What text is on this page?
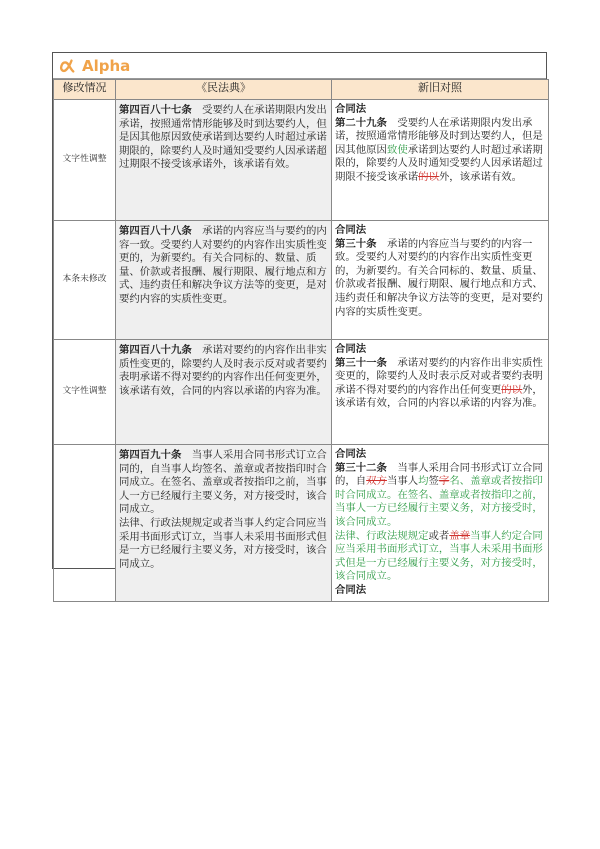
Alpha
修改情况	《民法典》	新旧对照
文字性调整	第四百八十七条　 受要约人在承诺期限内发出承诺，按照通常情形能够及时到达要约人，但是因其他原因致使承诺到达要约人时超过承诺期限的，除要约人及时通知受要约人因承诺超过期限不接受该承诺外，该承诺有效。	合同法
第二十九条　 受要约人在承诺期限内发出承诺，按照通常情形能够及时到达要约人，但是因其他原因致使承诺到达要约人时超过承诺期限的，除要约人及时通知受要约人因承诺超过期限不接受该承诺的以外，该承诺有效。
本条未修改	第四百八十八条　 承诺的内容应当与要约的内容一致。受要约人对要约的内容作出实质性变更的，为新要约。有关合同标的、数量、质量、价款或者报酬、履行期限、履行地点和方式、违约责任和解决争议方法等的变更，是对要约内容的实质性变更。	合同法
第三十条　 承诺的内容应当与要约的内容一致。受要约人对要约的内容作出实质性变更的，为新要约。有关合同标的、数量、质量、价款或者报酬、履行期限、履行地点和方式、违约责任和解决争议方法等的变更，是对要约内容的实质性变更。
文字性调整	第四百八十九条　 承诺对要约的内容作出非实质性变更的，除要约人及时表示反对或者要约表明承诺不得对要约的内容作出任何变更外，该承诺有效，合同的内容以承诺的内容为准。	合同法
第三十一条　 承诺对要约的内容作出非实质性变更的，除要约人及时表示反对或者要约表明承诺不得对要约的内容作出任何变更的以外，该承诺有效，合同的内容以承诺的内容为准。
	第四百九十条　 当事人采用合同书形式订立合同的，自当事人均签名、盖章或者按指印时合同成立。在签名、盖章或者按指印之前，当事人一方已经履行主要义务，对方接受时，该合同成立。
法律、行政法规规定或者当事人约定合同应当采用书面形式订立，当事人未采用书面形式但是一方已经履行主要义务，对方接受时，该合同成立。	合同法
第三十二条　 当事人采用合同书形式订立合同的，自双方当事人均签字名、盖章或者按指印时合同成立。在签名、盖章或者按指印之前，当事人一方已经履行主要义务，对方接受时，该合同成立。
法律、行政法规规定或者盖章当事人约定合同应当采用书面形式订立，当事人未采用书面形式但是一方已经履行主要义务，对方接受时，该合同成立。
合同法
